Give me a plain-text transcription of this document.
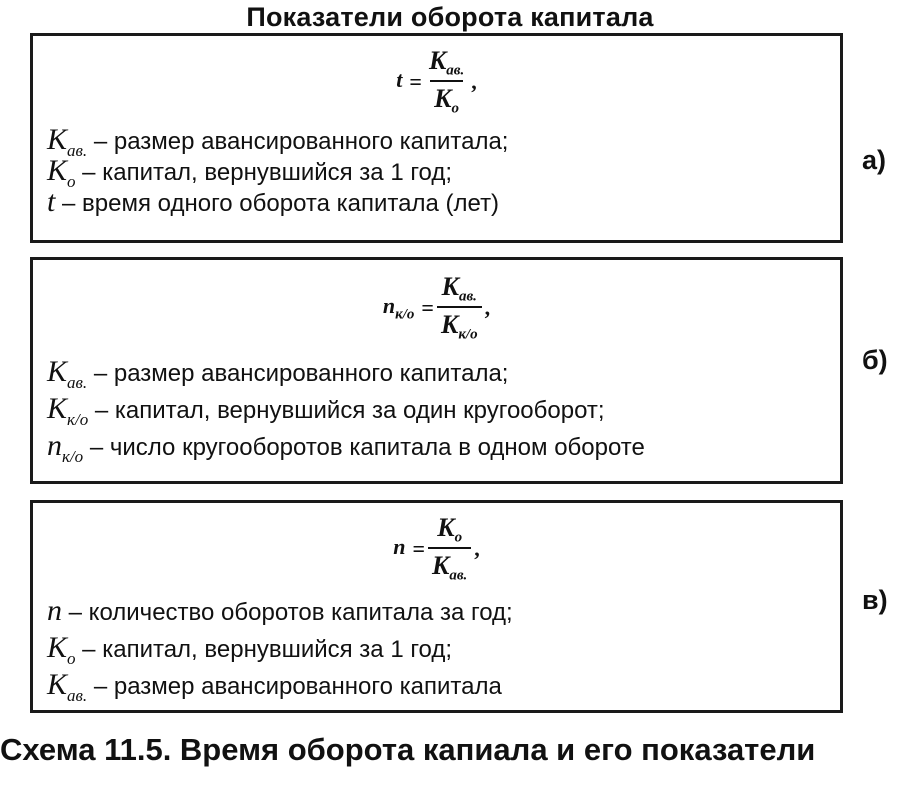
Показатели оборота капитала
$t = \frac{K_{ав.}}{K_о}$ ,
$K_{ав.}$ – размер авансированного капитала;
$K_о$ – капитал, вернувшийся за 1 год;
t – время одного оборота капитала (лет)
а)
$n_{к/о} = \frac{K_{ав.}}{K_{к/о}}$ ,
$K_{ав.}$ – размер авансированного капитала;
$K_{к/о}$ – капитал, вернувшийся за один кругооборот;
$n_{к/о}$ – число кругооборотов капитала в одном обороте
б)
$n = \frac{K_о}{K_{ав.}}$ ,
n – количество оборотов капитала за год;
$K_о$ – капитал, вернувшийся за 1 год;
$K_{ав.}$ – размер авансированного капитала
в)
Схема 11.5. Время оборота капиала и его показатели
